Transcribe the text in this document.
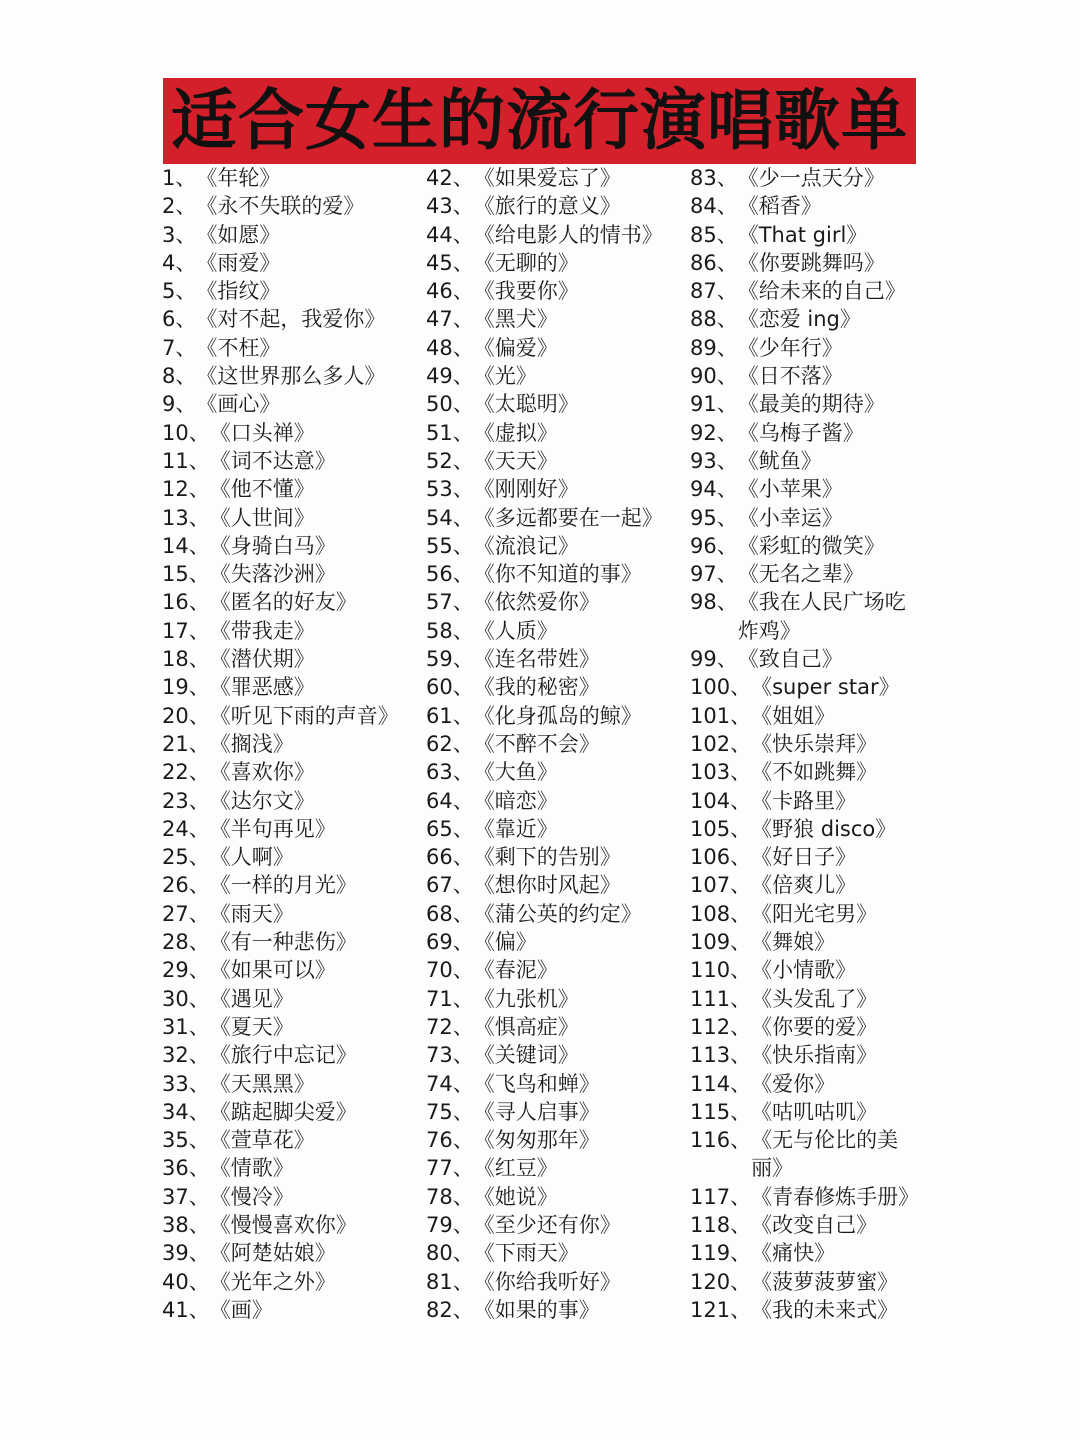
适合女生的流行演唱歌单
1、 《年轮》
2、 《永不失联的爱》
3、 《如愿》
4、 《雨爱》
5、 《指纹》
6、 《对不起，我爱你》
7、 《不枉》
8、 《这世界那么多人》
9、 《画心》
10、 《口头禅》
11、 《词不达意》
12、 《他不懂》
13、 《人世间》
14、 《身骑白马》
15、 《失落沙洲》
16、 《匿名的好友》
17、 《带我走》
18、 《潜伏期》
19、 《罪恶感》
20、 《听见下雨的声音》
21、 《搁浅》
22、 《喜欢你》
23、 《达尔文》
24、 《半句再见》
25、 《人啊》
26、 《一样的月光》
27、 《雨天》
28、 《有一种悲伤》
29、 《如果可以》
30、 《遇见》
31、 《夏天》
32、 《旅行中忘记》
33、 《天黑黑》
34、 《踮起脚尖爱》
35、 《萱草花》
36、 《情歌》
37、 《慢冷》
38、 《慢慢喜欢你》
39、 《阿楚姑娘》
40、 《光年之外》
41、 《画》
42、 《如果爱忘了》
43、 《旅行的意义》
44、 《给电影人的情书》
45、 《无聊的》
46、 《我要你》
47、 《黑犬》
48、 《偏爱》
49、 《光》
50、 《太聪明》
51、 《虚拟》
52、 《天天》
53、 《刚刚好》
54、 《多远都要在一起》
55、 《流浪记》
56、 《你不知道的事》
57、 《依然爱你》
58、 《人质》
59、 《连名带姓》
60、 《我的秘密》
61、 《化身孤岛的鲸》
62、 《不醉不会》
63、 《大鱼》
64、 《暗恋》
65、 《靠近》
66、 《剩下的告别》
67、 《想你时风起》
68、 《蒲公英的约定》
69、 《偏》
70、 《春泥》
71、 《九张机》
72、 《惧高症》
73、 《关键词》
74、 《飞鸟和蝉》
75、 《寻人启事》
76、 《匆匆那年》
77、 《红豆》
78、 《她说》
79、 《至少还有你》
80、 《下雨天》
81、 《你给我听好》
82、 《如果的事》
83、 《少一点天分》
84、 《稻香》
85、 《That girl》
86、 《你要跳舞吗》
87、 《给未来的自己》
88、 《恋爱 ing》
89、 《少年行》
90、 《日不落》
91、 《最美的期待》
92、 《乌梅子酱》
93、 《鱿鱼》
94、 《小苹果》
95、 《小幸运》
96、 《彩虹的微笑》
97、 《无名之辈》
98、 《我在人民广场吃炸鸡》
99、 《致自己》
100、 《super star》
101、 《姐姐》
102、 《快乐崇拜》
103、 《不如跳舞》
104、 《卡路里》
105、 《野狼 disco》
106、 《好日子》
107、 《倍爽儿》
108、 《阳光宅男》
109、 《舞娘》
110、 《小情歌》
111、 《头发乱了》
112、 《你要的爱》
113、 《快乐指南》
114、 《爱你》
115、 《咕叽咕叽》
116、 《无与伦比的美丽》
117、 《青春修炼手册》
118、 《改变自己》
119、 《痛快》
120、 《菠萝菠萝蜜》
121、 《我的未来式》
